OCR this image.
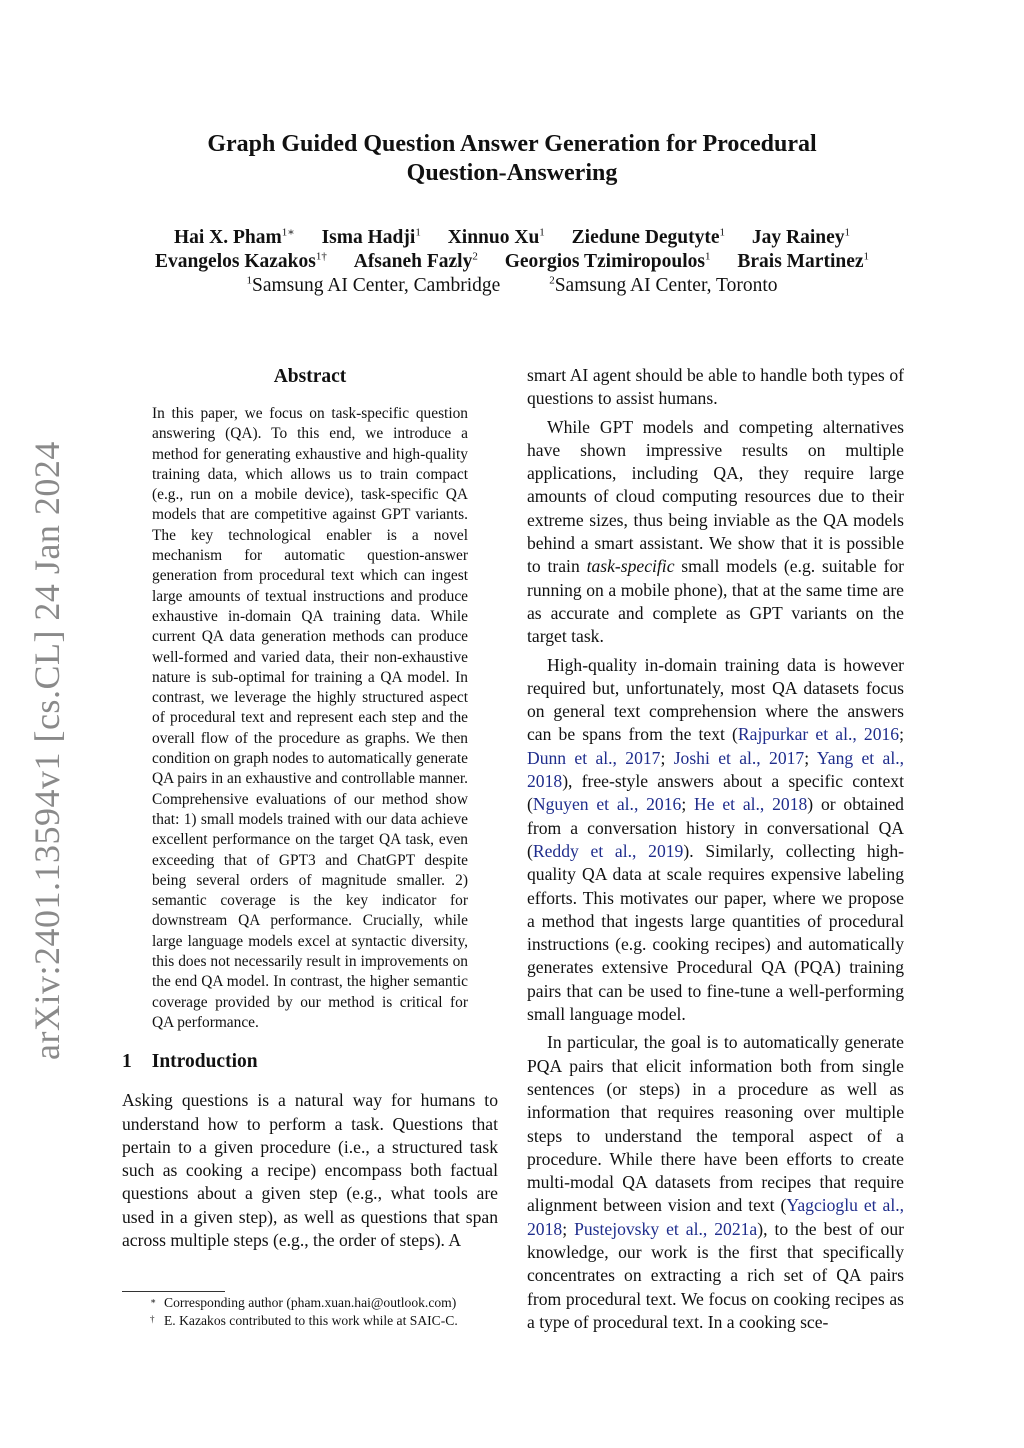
Graph Guided Question Answer Generation for Procedural
Question-Answering
Hai X. Pham$^{1∗}$ Isma Hadji$^1$ Xinnuo Xu$^1$ Ziedune Degutyte$^1$ Jay Rainey$^1$
Evangelos Kazakos$^{1\dagger}$ Afsaneh Fazly$^2$ Georgios Tzimiropoulos$^1$ Brais Martinez$^1$
$^1$Samsung AI Center, Cambridge	$^2$Samsung AI Center, Toronto
arXiv:2401.13594v1 [cs.CL] 24 Jan 2024
Abstract
In this paper, we focus on task-specific question answering (QA). To this end, we introduce a method for generating exhaustive and high-quality training data, which allows us to train compact (e.g., run on a mobile device), task-specific QA models that are competitive against GPT variants. The key technological enabler is a novel mechanism for automatic question-answer generation from procedural text which can ingest large amounts of textual instructions and produce exhaustive in-domain QA training data. While current QA data generation methods can produce well-formed and varied data, their non-exhaustive nature is sub-optimal for training a QA model. In contrast, we leverage the highly structured aspect of procedural text and represent each step and the overall flow of the procedure as graphs. We then condition on graph nodes to automatically generate QA pairs in an exhaustive and controllable manner. Comprehensive evaluations of our method show that: 1) small models trained with our data achieve excellent performance on the target QA task, even exceeding that of GPT3 and ChatGPT despite being several orders of magnitude smaller. 2) semantic coverage is the key indicator for downstream QA performance. Crucially, while large language models excel at syntactic diversity, this does not necessarily result in improvements on the end QA model. In contrast, the higher semantic coverage provided by our method is critical for QA performance.
1 Introduction

Asking questions is a natural way for humans to understand how to perform a task. Questions that pertain to a given procedure (i.e., a structured task such as cooking a recipe) encompass both factual questions about a given step (e.g., what tools are used in a given step), as well as questions that span across multiple steps (e.g., the order of steps). A

∗ Corresponding author (pham.xuan.hai@outlook.com)
† E. Kazakos contributed to this work while at SAIC-C.

smart AI agent should be able to handle both types of questions to assist humans.

While GPT models and competing alternatives have shown impressive results on multiple applications, including QA, they require large amounts of cloud computing resources due to their extreme sizes, thus being inviable as the QA models behind a smart assistant. We show that it is possible to train task-specific small models (e.g. suitable for running on a mobile phone), that at the same time are as accurate and complete as GPT variants on the target task.

High-quality in-domain training data is however required but, unfortunately, most QA datasets focus on general text comprehension where the answers can be spans from the text (Rajpurkar et al., 2016; Dunn et al., 2017; Joshi et al., 2017; Yang et al., 2018), free-style answers about a specific context (Nguyen et al., 2016; He et al., 2018) or obtained from a conversation history in conversational QA (Reddy et al., 2019). Similarly, collecting high-quality QA data at scale requires expensive labeling efforts. This motivates our paper, where we propose a method that ingests large quantities of procedural instructions (e.g. cooking recipes) and automatically generates extensive Procedural QA (PQA) training pairs that can be used to fine-tune a well-performing small language model.

In particular, the goal is to automatically generate PQA pairs that elicit information both from single sentences (or steps) in a procedure as well as information that requires reasoning over multiple steps to understand the temporal aspect of a procedure. While there have been efforts to create multi-modal QA datasets from recipes that require alignment between vision and text (Yagcioglu et al., 2018; Pustejovsky et al., 2021a), to the best of our knowledge, our work is the first that specifically concentrates on extracting a rich set of QA pairs from procedural text. We focus on cooking recipes as a type of procedural text. In a cooking sce-
